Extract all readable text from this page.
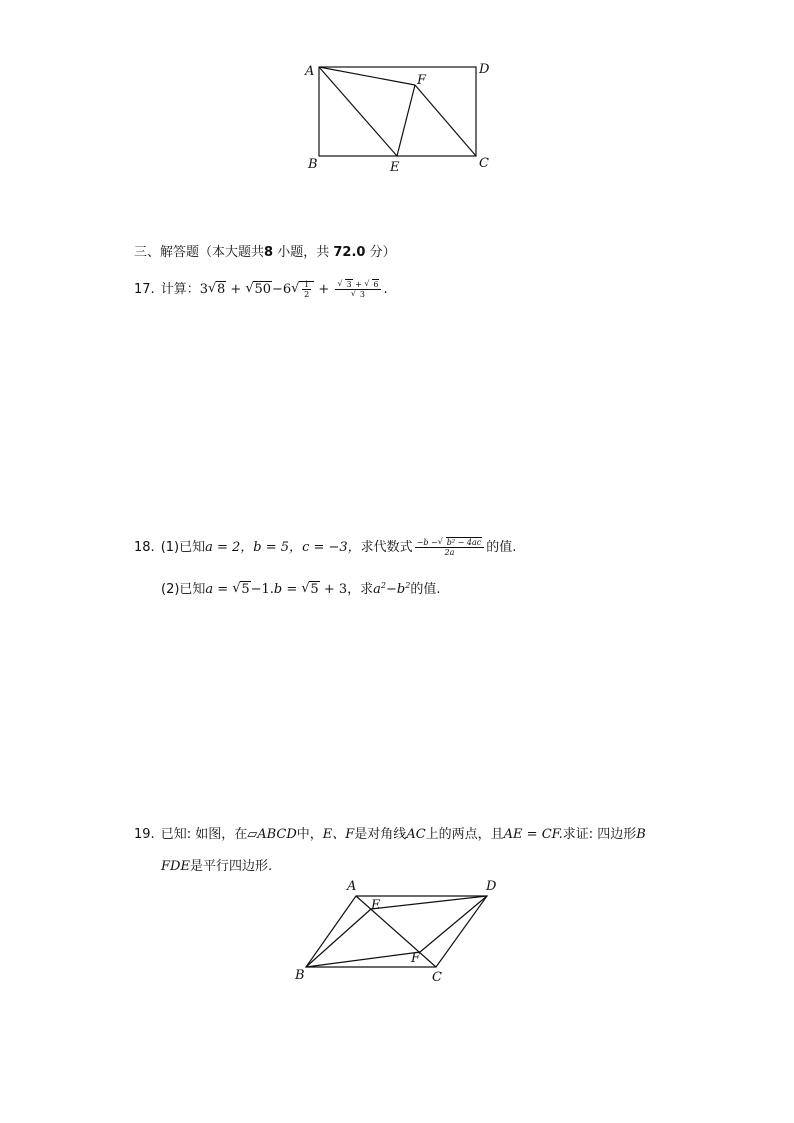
A	D
F
B	E	C
三、解答题（本大题共8 小题，共 72.0 分）
17. 计算：3 √ 8 + √ 50−6 √ $\frac{1}{2}$ + √ 3 + √ 6
√ 3 .
18. (1)已知a = 2，b = 5，c = −3，求代数式 $\frac{\text{−b − √ b² − 4ac}}{2a}$ 的值.
(2)已知a = √ 5−1.b = √ 5 + 3，求$a^2-b^2$的值.
19. 已知: 如图，在▱ABCD中，E、F是对角线AC上的两点，且AE = CF.求证: 四边形B
FDE是平行四边形.
A	D
E
F
B	C
